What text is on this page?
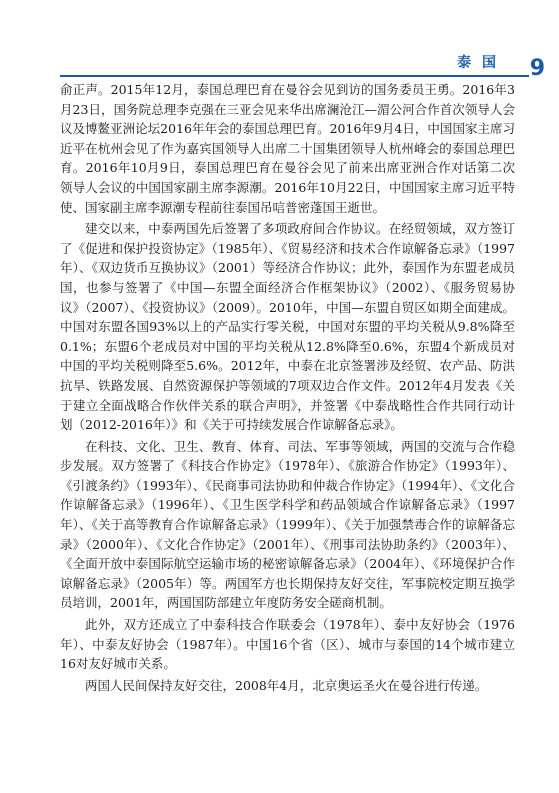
泰 国 9

俞正声。2015年12月，泰国总理巴育在曼谷会见到访的国务委员王勇。2016年3月23日，国务院总理李克强在三亚会见来华出席澜沧江—湄公河合作首次领导人会议及博鳌亚洲论坛2016年年会的泰国总理巴育。2016年9月4日，中国国家主席习近平在杭州会见了作为嘉宾国领导人出席二十国集团领导人杭州峰会的泰国总理巴育。2016年10月9日，泰国总理巴育在曼谷会见了前来出席亚洲合作对话第二次领导人会议的中国国家副主席李源潮。2016年10月22日，中国国家主席习近平特使、国家副主席李源潮专程前往泰国吊唁普密蓬国王逝世。

建交以来，中泰两国先后签署了多项政府间合作协议。在经贸领域，双方签订了《促进和保护投资协定》（1985年）、《贸易经济和技术合作谅解备忘录》（1997年）、《双边货币互换协议》（2001）等经济合作协议；此外，泰国作为东盟老成员国，也参与签署了《中国—东盟全面经济合作框架协议》（2002）、《服务贸易协议》（2007）、《投资协议》（2009）。2010年，中国—东盟自贸区如期全面建成。中国对东盟各国93%以上的产品实行零关税，中国对东盟的平均关税从9.8%降至0.1%；东盟6个老成员对中国的平均关税从12.8%降至0.6%，东盟4个新成员对中国的平均关税则降至5.6%。2012年，中泰在北京签署涉及经贸、农产品、防洪抗旱、铁路发展、自然资源保护等领域的7项双边合作文件。2012年4月发表《关于建立全面战略合作伙伴关系的联合声明》，并签署《中泰战略性合作共同行动计划（2012-2016年）》和《关于可持续发展合作谅解备忘录》。

在科技、文化、卫生、教育、体育、司法、军事等领域，两国的交流与合作稳步发展。双方签署了《科技合作协定》（1978年）、《旅游合作协定》（1993年）、《引渡条约》（1993年）、《民商事司法协助和仲裁合作协定》（1994年）、《文化合作谅解备忘录》（1996年）、《卫生医学科学和药品领域合作谅解备忘录》（1997年）、《关于高等教育合作谅解备忘录》（1999年）、《关于加强禁毒合作的谅解备忘录》（2000年）、《文化合作协定》（2001年）、《刑事司法协助条约》（2003年）、《全面开放中泰国际航空运输市场的秘密谅解备忘录》（2004年）、《环境保护合作谅解备忘录》（2005年）等。两国军方也长期保持友好交往，军事院校定期互换学员培训，2001年，两国国防部建立年度防务安全磋商机制。

此外，双方还成立了中泰科技合作联委会（1978年）、泰中友好协会（1976年）、中泰友好协会（1987年）。中国16个省（区）、城市与泰国的14个城市建立16对友好城市关系。

两国人民间保持友好交往，2008年4月，北京奥运圣火在曼谷进行传递。
